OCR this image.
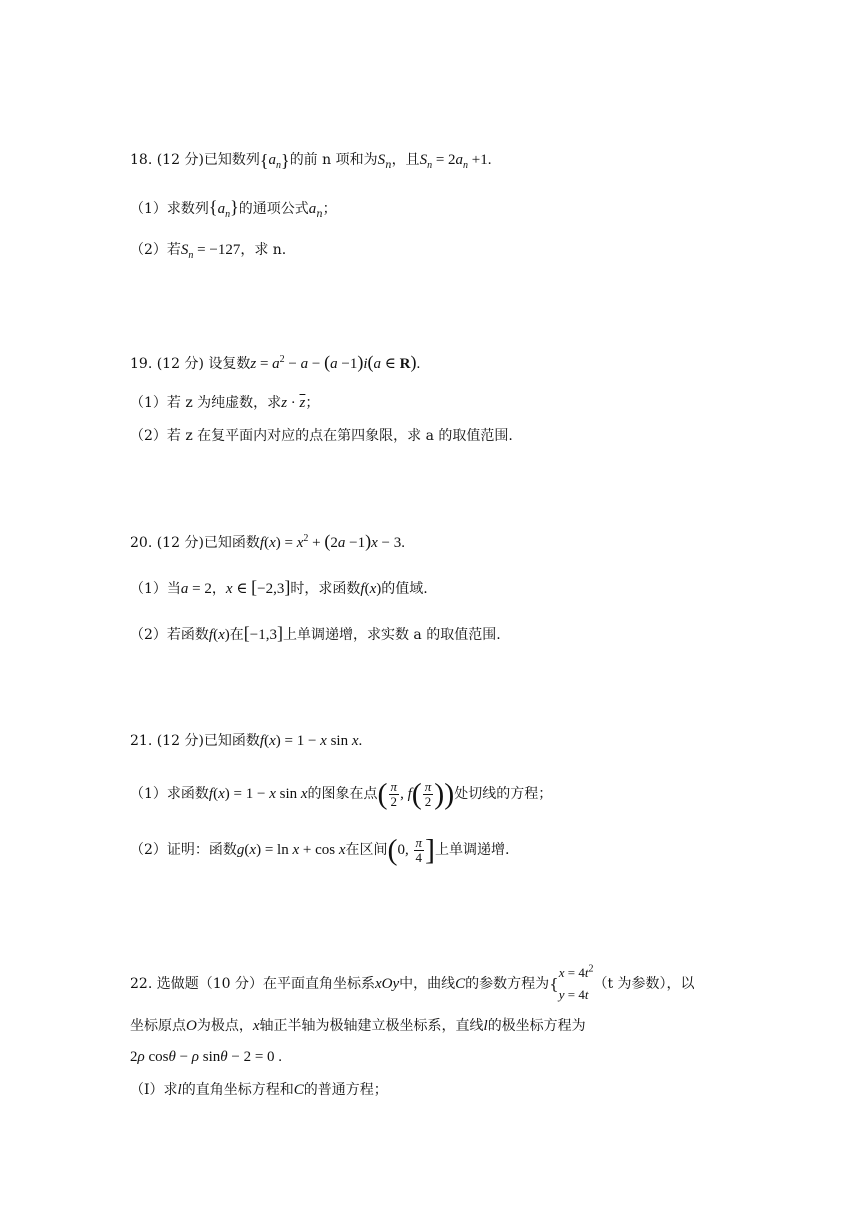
18. (12 分)已知数列$\{a_n\}$的前 n 项和为$S_n$，且$S_n = 2a_n +1$.
（1）求数列$\{a_n\}$的通项公式$a_n$；
（2）若$S_n = -127$，求 n.
19. (12 分) 设复数$z = a^2 - a - (a -1)i(a$ ∈ R).
（1）若 z 为纯虚数，求$z \cdot \overline{z}$；
（2）若 z 在复平面内对应的点在第四象限，求 a 的取值范围.
20. (12 分)已知函数$f(x) = x^2 + (2a -1)x - 3$.
（1）当a = 2，x ∈ [−2,3]时，求函数f(x)的值域.
（2）若函数f(x)在[−1,3]上单调递增，求实数 a 的取值范围.
21. (12 分)已知函数f(x) = 1 − x sin x.
（1）求函数f(x) = 1 − x sin x的图象在点( $\frac{\pi}{2}$ , $f( \frac{\pi}{2}$ ))处切线的方程；
（2）证明：函数g(x) = ln x + cos x在区间(0, $\frac{\pi}{4}$ ]上单调递增.
22. 选做题（10 分）在平面直角坐标系xOy中，曲线C的参数方程为{
$x = 4t^2$
y = 4t
（t 为参数），以
坐标原点O为极点，x轴正半轴为极轴建立极坐标系，直线l的极坐标方程为
2ρ cosθ − ρ sinθ − 2 = 0 .
（I）求l的直角坐标方程和C的普通方程；
